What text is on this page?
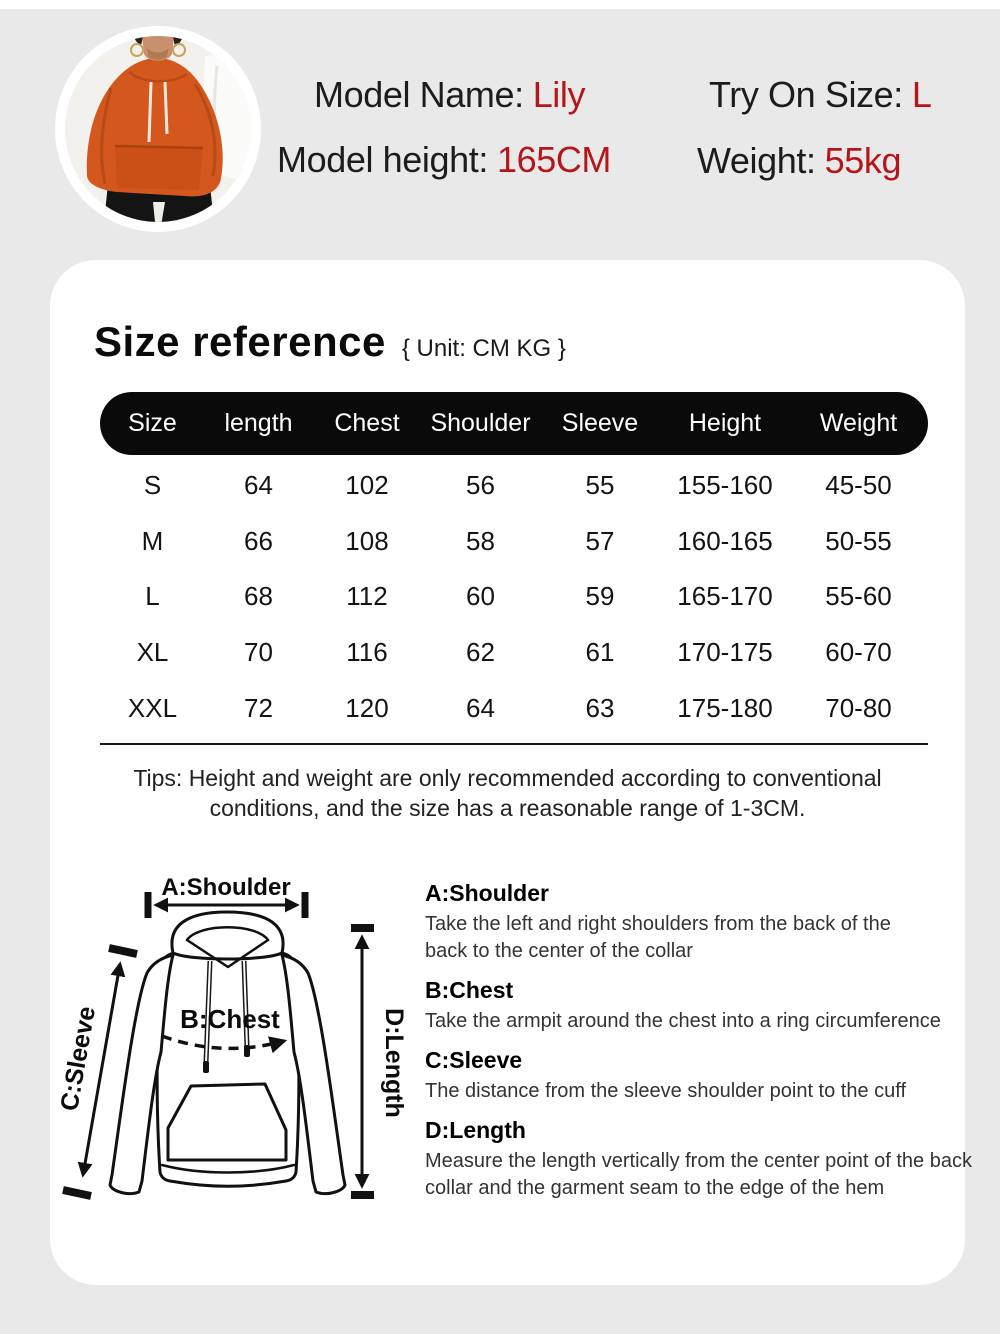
Model Name: Lily	Try On Size: L
Model height: 165CM Weight: 55kg
Size reference { Unit: CM KG }
Size	length	Chest	Shoulder	Sleeve	Height	Weight
S	64	102	56	55	155-160	45-50
M	66	108	58	57	160-165	50-55
L	68	112	60	59	165-170	55-60
XL	70	116	62	61	170-175	60-70
XXL	72	120	64	63	175-180	70-80
Tips: Height and weight are only recommended according to conventional
conditions, and the size has a reasonable range of 1-3CM.
A:Shoulder
B:Chest
C:Sleeve	D:Length
A:Shoulder
Take the left and right shoulders from the back of the back to the center of the collar
B:Chest
Take the armpit around the chest into a ring circumference
C:Sleeve
The distance from the sleeve shoulder point to the cuff
D:Length
Measure the length vertically from the center point of the back collar and the garment seam to the edge of the hem
